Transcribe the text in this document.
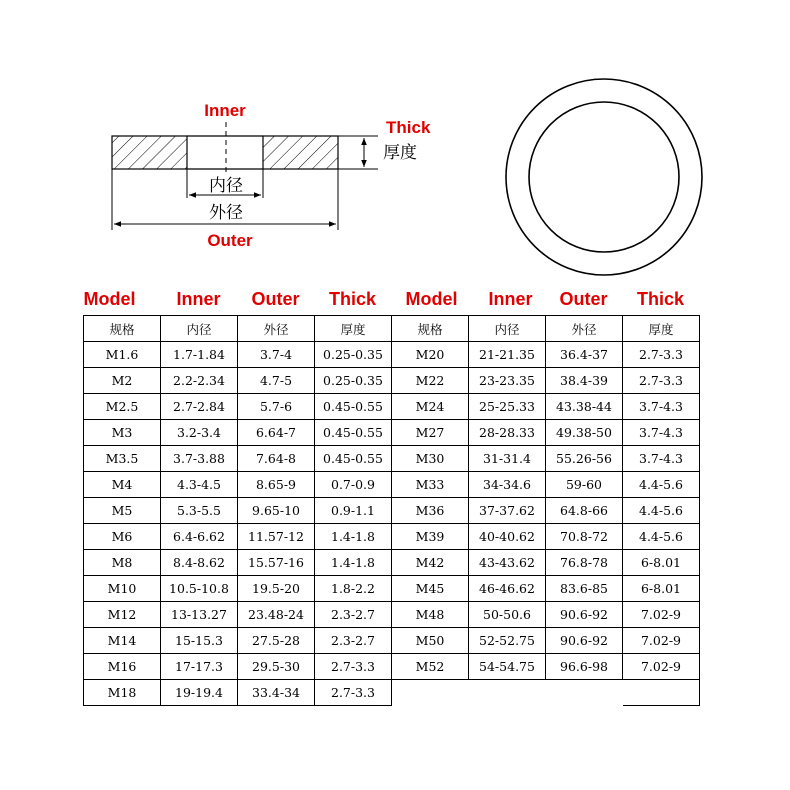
Inner
Thick
厚度
内径
外径
Outer
Model	Inner	Outer	Thick	Model	Inner	Outer	Thick
规格	内径	外径	厚度	规格	内径	外径	厚度
M1.6	1.7-1.84	3.7-4	0.25-0.35	M20	21-21.35	36.4-37	2.7-3.3
M2	2.2-2.34	4.7-5	0.25-0.35	M22	23-23.35	38.4-39	2.7-3.3
M2.5	2.7-2.84	5.7-6	0.45-0.55	M24	25-25.33	43.38-44	3.7-4.3
M3	3.2-3.4	6.64-7	0.45-0.55	M27	28-28.33	49.38-50	3.7-4.3
M3.5	3.7-3.88	7.64-8	0.45-0.55	M30	31-31.4	55.26-56	3.7-4.3
M4	4.3-4.5	8.65-9	0.7-0.9	M33	34-34.6	59-60	4.4-5.6
M5	5.3-5.5	9.65-10	0.9-1.1	M36	37-37.62	64.8-66	4.4-5.6
M6	6.4-6.62	11.57-12	1.4-1.8	M39	40-40.62	70.8-72	4.4-5.6
M8	8.4-8.62	15.57-16	1.4-1.8	M42	43-43.62	76.8-78	6-8.01
M10	10.5-10.8	19.5-20	1.8-2.2	M45	46-46.62	83.6-85	6-8.01
M12	13-13.27	23.48-24	2.3-2.7	M48	50-50.6	90.6-92	7.02-9
M14	15-15.3	27.5-28	2.3-2.7	M50	52-52.75	90.6-92	7.02-9
M16	17-17.3	29.5-30	2.7-3.3	M52	54-54.75	96.6-98	7.02-9
M18	19-19.4	33.4-34	2.7-3.3				
